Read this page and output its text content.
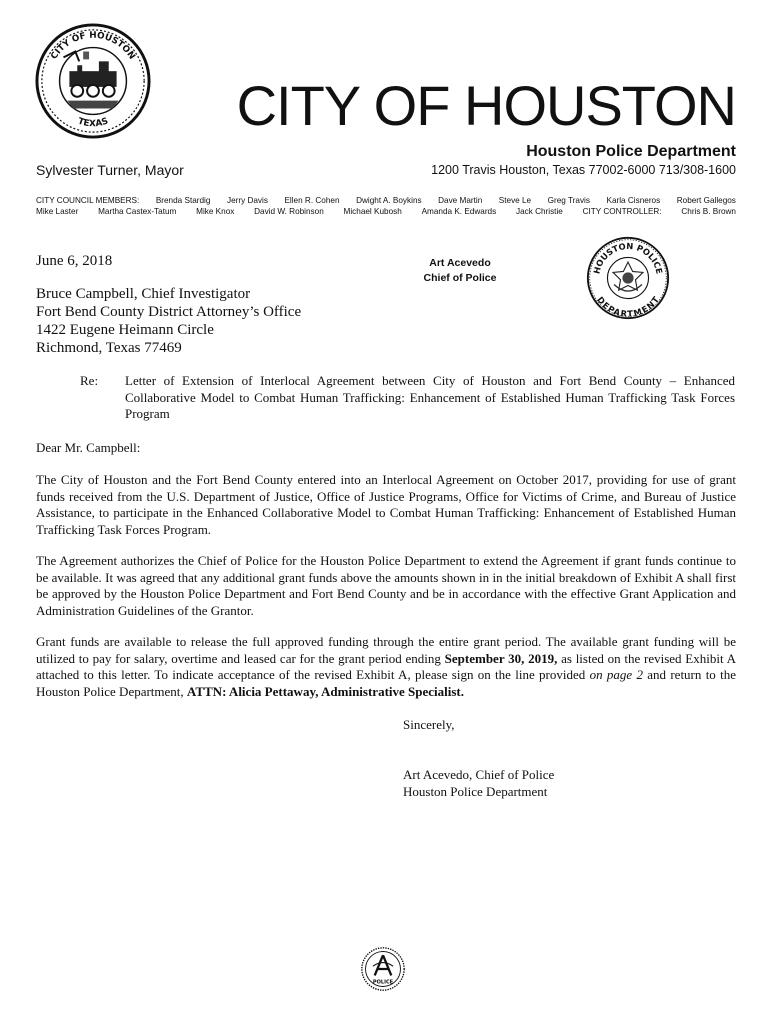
CITY OF HOUSTON
TEXAS CITY OF HOUSTON
Houston Police Department
Sylvester Turner, Mayor	1200 Travis Houston, Texas 77002-6000 713/308-1600
CITY COUNCIL MEMBERS: Brenda Stardig Jerry Davis Ellen R. Cohen Dwight A. Boykins Dave Martin Steve Le Greg Travis Karla Cisneros Robert Gallegos
Mike Laster Martha Castex-Tatum Mike Knox David W. Robinson Michael Kubosh Amanda K. Edwards Jack Christie CITY CONTROLLER: Chris B. Brown
June 6, 2018	Art Acevedo
Chief of Police
HOUSTON POLICE
DEPARTMENT
Bruce Campbell, Chief Investigator
Fort Bend County District Attorney’s Office
1422 Eugene Heimann Circle
Richmond, Texas 77469
Re: Letter of Extension of Interlocal Agreement between City of Houston and Fort Bend County – Enhanced Collaborative Model to Combat Human Trafficking: Enhancement of Established Human Trafficking Task Forces Program
Dear Mr. Campbell:
The City of Houston and the Fort Bend County entered into an Interlocal Agreement on October 2017, providing for use of grant funds received from the U.S. Department of Justice, Office of Justice Programs, Office for Victims of Crime, and Bureau of Justice Assistance, to participate in the Enhanced Collaborative Model to Combat Human Trafficking: Enhancement of Established Human Trafficking Task Forces Program.
The Agreement authorizes the Chief of Police for the Houston Police Department to extend the Agreement if grant funds continue to be available. It was agreed that any additional grant funds above the amounts shown in in the initial breakdown of Exhibit A shall first be approved by the Houston Police Department and Fort Bend County and be in accordance with the effective Grant Application and Administration Guidelines of the Grantor.
Grant funds are available to release the full approved funding through the entire grant period. The available grant funding will be utilized to pay for salary, overtime and leased car for the grant period ending September 30, 2019, as listed on the revised Exhibit A attached to this letter. To indicate acceptance of the revised Exhibit A, please sign on the line provided on page 2 and return to the Houston Police Department, ATTN: Alicia Pettaway, Administrative Specialist.
Sincerely,
Art Acevedo, Chief of Police
Houston Police Department
POLICE
